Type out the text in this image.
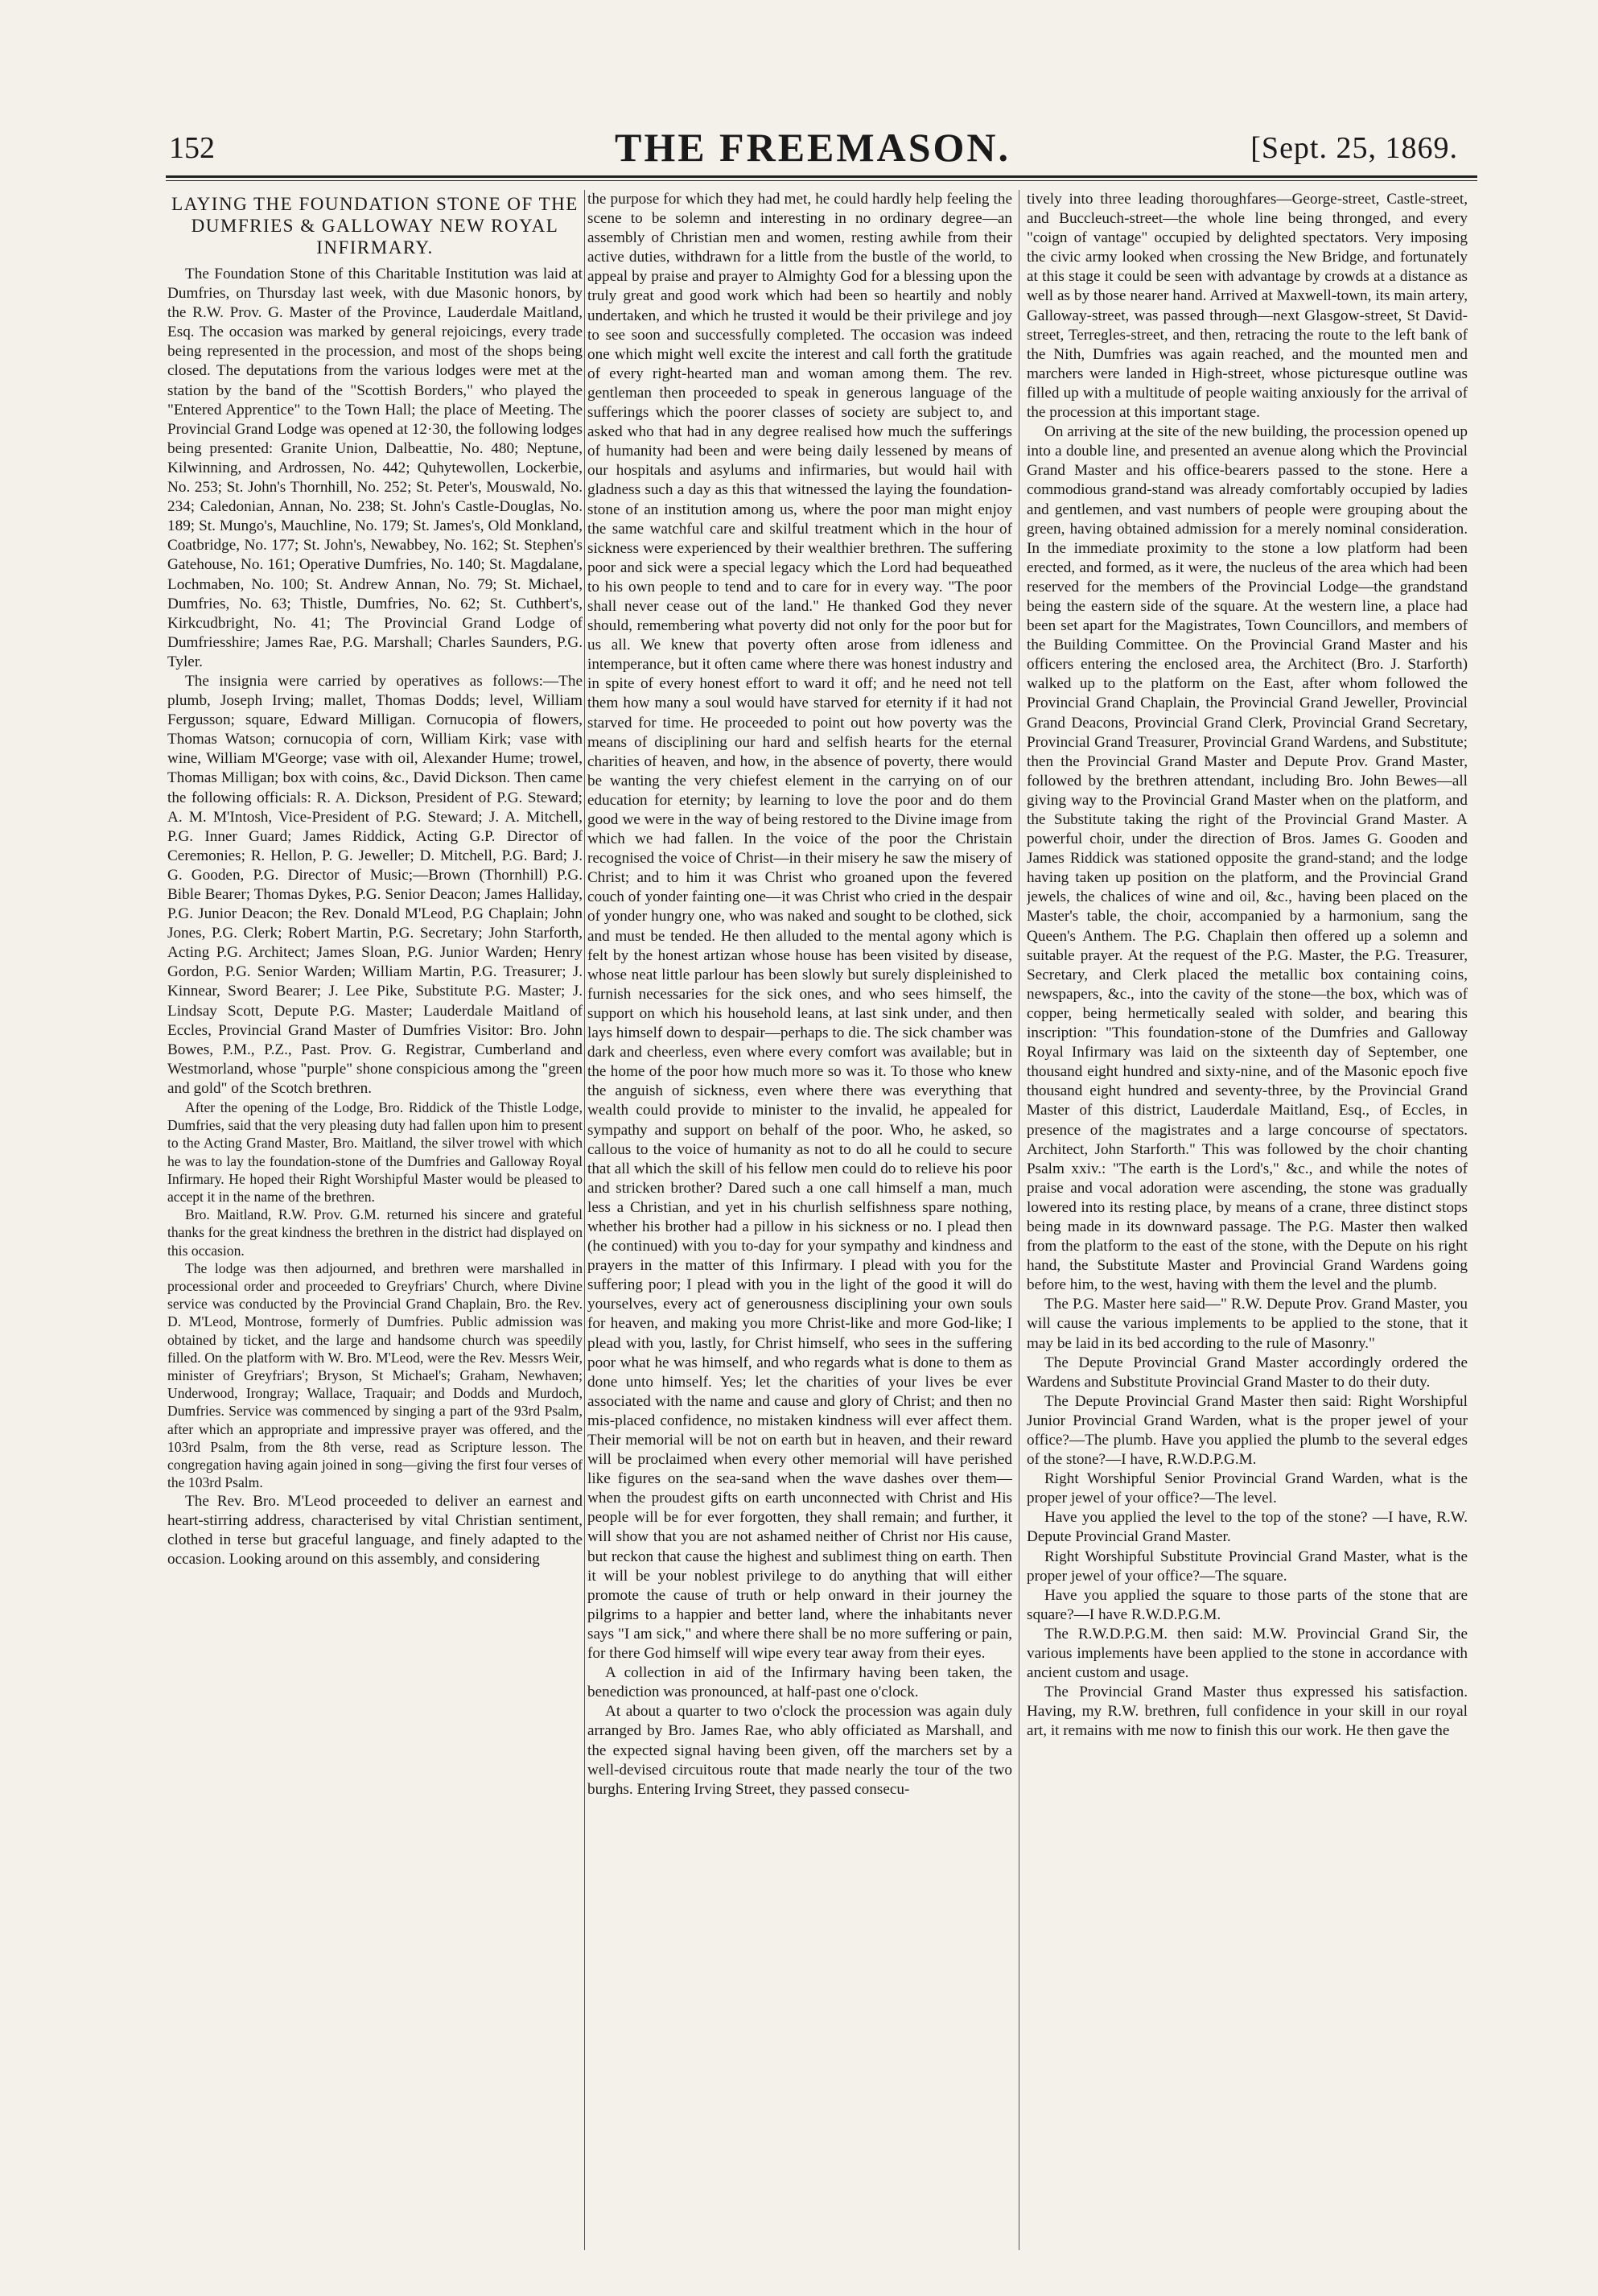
152	THE FREEMASON.	[Sept. 25, 1869.
LAYING THE FOUNDATION STONE OF THE DUMFRIES & GALLOWAY NEW ROYAL INFIRMARY.

The Foundation Stone of this Charitable Institution was laid at Dumfries, on Thursday last week, with due Masonic honors, by the R.W. Prov. G. Master of the Province, Lauderdale Maitland, Esq. The occasion was marked by general rejoicings, every trade being represented in the procession, and most of the shops being closed. The deputations from the various lodges were met at the station by the band of the "Scottish Borders," who played the "Entered Apprentice" to the Town Hall; the place of Meeting. The Provincial Grand Lodge was opened at 12·30, the following lodges being presented: Granite Union, Dalbeattie, No. 480; Neptune, Kilwinning, and Ardrossen, No. 442; Quhytewollen, Lockerbie, No. 253; St. John's Thornhill, No. 252; St. Peter's, Mouswald, No. 234; Caledonian, Annan, No. 238; St. John's Castle-Douglas, No. 189; St. Mungo's, Mauchline, No. 179; St. James's, Old Monkland, Coatbridge, No. 177; St. John's, Newabbey, No. 162; St. Stephen's Gatehouse, No. 161; Operative Dumfries, No. 140; St. Magdalane, Lochmaben, No. 100; St. Andrew Annan, No. 79; St. Michael, Dumfries, No. 63; Thistle, Dumfries, No. 62; St. Cuthbert's, Kirkcudbright, No. 41; The Provincial Grand Lodge of Dumfriesshire; James Rae, P.G. Marshall; Charles Saunders, P.G. Tyler.

The insignia were carried by operatives as follows:—The plumb, Joseph Irving; mallet, Thomas Dodds; level, William Fergusson; square, Edward Milligan. Cornucopia of flowers, Thomas Watson; cornucopia of corn, William Kirk; vase with wine, William M'George; vase with oil, Alexander Hume; trowel, Thomas Milligan; box with coins, &c., David Dickson. Then came the following officials: R. A. Dickson, President of P.G. Steward; A. M. M'Intosh, Vice-President of P.G. Steward; J. A. Mitchell, P.G. Inner Guard; James Riddick, Acting G.P. Director of Ceremonies; R. Hellon, P. G. Jeweller; D. Mitchell, P.G. Bard; J. G. Gooden, P.G. Director of Music;—Brown (Thornhill) P.G. Bible Bearer; Thomas Dykes, P.G. Senior Deacon; James Halliday, P.G. Junior Deacon; the Rev. Donald M'Leod, P.G Chaplain; John Jones, P.G. Clerk; Robert Martin, P.G. Secretary; John Starforth, Acting P.G. Architect; James Sloan, P.G. Junior Warden; Henry Gordon, P.G. Senior Warden; William Martin, P.G. Treasurer; J. Kinnear, Sword Bearer; J. Lee Pike, Substitute P.G. Master; J. Lindsay Scott, Depute P.G. Master; Lauderdale Maitland of Eccles, Provincial Grand Master of Dumfries Visitor: Bro. John Bowes, P.M., P.Z., Past. Prov. G. Registrar, Cumberland and Westmorland, whose "purple" shone conspicious among the "green and gold" of the Scotch brethren.

After the opening of the Lodge, Bro. Riddick of the Thistle Lodge, Dumfries, said that the very pleasing duty had fallen upon him to present to the Acting Grand Master, Bro. Maitland, the silver trowel with which he was to lay the foundation-stone of the Dumfries and Galloway Royal Infirmary. He hoped their Right Worshipful Master would be pleased to accept it in the name of the brethren.

Bro. Maitland, R.W. Prov. G.M. returned his sincere and grateful thanks for the great kindness the brethren in the district had displayed on this occasion.

The lodge was then adjourned, and brethren were marshalled in processional order and proceeded to Greyfriars' Church, where Divine service was conducted by the Provincial Grand Chaplain, Bro. the Rev. D. M'Leod, Montrose, formerly of Dumfries. Public admission was obtained by ticket, and the large and handsome church was speedily filled. On the platform with W. Bro. M'Leod, were the Rev. Messrs Weir, minister of Greyfriars'; Bryson, St Michael's; Graham, Newhaven; Underwood, Irongray; Wallace, Traquair; and Dodds and Murdoch, Dumfries. Service was commenced by singing a part of the 93rd Psalm, after which an appropriate and impressive prayer was offered, and the 103rd Psalm, from the 8th verse, read as Scripture lesson. The congregation having again joined in song—giving the first four verses of the 103rd Psalm.

The Rev. Bro. M'Leod proceeded to deliver an earnest and heart-stirring address, characterised by vital Christian sentiment, clothed in terse but graceful language, and finely adapted to the occasion. Looking around on this assembly, and considering

the purpose for which they had met, he could hardly help feeling the scene to be solemn and interesting in no ordinary degree—an assembly of Christian men and women, resting awhile from their active duties, withdrawn for a little from the bustle of the world, to appeal by praise and prayer to Almighty God for a blessing upon the truly great and good work which had been so heartily and nobly undertaken, and which he trusted it would be their privilege and joy to see soon and successfully completed. The occasion was indeed one which might well excite the interest and call forth the gratitude of every right-hearted man and woman among them. The rev. gentleman then proceeded to speak in generous language of the sufferings which the poorer classes of society are subject to, and asked who that had in any degree realised how much the sufferings of humanity had been and were being daily lessened by means of our hospitals and asylums and infirmaries, but would hail with gladness such a day as this that witnessed the laying the foundation-stone of an institution among us, where the poor man might enjoy the same watchful care and skilful treatment which in the hour of sickness were experienced by their wealthier brethren. The suffering poor and sick were a special legacy which the Lord had bequeathed to his own people to tend and to care for in every way. "The poor shall never cease out of the land." He thanked God they never should, remembering what poverty did not only for the poor but for us all. We knew that poverty often arose from idleness and intemperance, but it often came where there was honest industry and in spite of every honest effort to ward it off; and he need not tell them how many a soul would have starved for eternity if it had not starved for time. He proceeded to point out how poverty was the means of disciplining our hard and selfish hearts for the eternal charities of heaven, and how, in the absence of poverty, there would be wanting the very chiefest element in the carrying on of our education for eternity; by learning to love the poor and do them good we were in the way of being restored to the Divine image from which we had fallen. In the voice of the poor the Christain recognised the voice of Christ—in their misery he saw the misery of Christ; and to him it was Christ who groaned upon the fevered couch of yonder fainting one—it was Christ who cried in the despair of yonder hungry one, who was naked and sought to be clothed, sick and must be tended. He then alluded to the mental agony which is felt by the honest artizan whose house has been visited by disease, whose neat little parlour has been slowly but surely displeinished to furnish necessaries for the sick ones, and who sees himself, the support on which his household leans, at last sink under, and then lays himself down to despair—perhaps to die. The sick chamber was dark and cheerless, even where every comfort was available; but in the home of the poor how much more so was it. To those who knew the anguish of sickness, even where there was everything that wealth could provide to minister to the invalid, he appealed for sympathy and support on behalf of the poor. Who, he asked, so callous to the voice of humanity as not to do all he could to secure that all which the skill of his fellow men could do to relieve his poor and stricken brother? Dared such a one call himself a man, much less a Christian, and yet in his churlish selfishness spare nothing, whether his brother had a pillow in his sickness or no. I plead then (he continued) with you to-day for your sympathy and kindness and prayers in the matter of this Infirmary. I plead with you for the suffering poor; I plead with you in the light of the good it will do yourselves, every act of generousness disciplining your own souls for heaven, and making you more Christ-like and more God-like; I plead with you, lastly, for Christ himself, who sees in the suffering poor what he was himself, and who regards what is done to them as done unto himself. Yes; let the charities of your lives be ever associated with the name and cause and glory of Christ; and then no mis-placed confidence, no mistaken kindness will ever affect them. Their memorial will be not on earth but in heaven, and their reward will be proclaimed when every other memorial will have perished like figures on the sea-sand when the wave dashes over them—when the proudest gifts on earth unconnected with Christ and His people will be for ever forgotten, they shall remain; and further, it will show that you are not ashamed neither of Christ nor His cause, but reckon that cause the highest and sublimest thing on earth. Then it will be your noblest privilege to do anything that will either promote the cause of truth or help onward in their journey the pilgrims to a happier and better land, where the inhabitants never says "I am sick," and where there shall be no more suffering or pain, for there God himself will wipe every tear away from their eyes.

A collection in aid of the Infirmary having been taken, the benediction was pronounced, at half-past one o'clock.

At about a quarter to two o'clock the procession was again duly arranged by Bro. James Rae, who ably officiated as Marshall, and the expected signal having been given, off the marchers set by a well-devised circuitous route that made nearly the tour of the two burghs. Entering Irving Street, they passed consecu-

tively into three leading thoroughfares—George-street, Castle-street, and Buccleuch-street—the whole line being thronged, and every "coign of vantage" occupied by delighted spectators. Very imposing the civic army looked when crossing the New Bridge, and fortunately at this stage it could be seen with advantage by crowds at a distance as well as by those nearer hand. Arrived at Maxwell-town, its main artery, Galloway-street, was passed through—next Glasgow-street, St David-street, Terregles-street, and then, retracing the route to the left bank of the Nith, Dumfries was again reached, and the mounted men and marchers were landed in High-street, whose picturesque outline was filled up with a multitude of people waiting anxiously for the arrival of the procession at this important stage.

On arriving at the site of the new building, the procession opened up into a double line, and presented an avenue along which the Provincial Grand Master and his office-bearers passed to the stone. Here a commodious grand-stand was already comfortably occupied by ladies and gentlemen, and vast numbers of people were grouping about the green, having obtained admission for a merely nominal consideration. In the immediate proximity to the stone a low platform had been erected, and formed, as it were, the nucleus of the area which had been reserved for the members of the Provincial Lodge—the grandstand being the eastern side of the square. At the western line, a place had been set apart for the Magistrates, Town Councillors, and members of the Building Committee. On the Provincial Grand Master and his officers entering the enclosed area, the Architect (Bro. J. Starforth) walked up to the platform on the East, after whom followed the Provincial Grand Chaplain, the Provincial Grand Jeweller, Provincial Grand Deacons, Provincial Grand Clerk, Provincial Grand Secretary, Provincial Grand Treasurer, Provincial Grand Wardens, and Substitute; then the Provincial Grand Master and Depute Prov. Grand Master, followed by the brethren attendant, including Bro. John Bewes—all giving way to the Provincial Grand Master when on the platform, and the Substitute taking the right of the Provincial Grand Master. A powerful choir, under the direction of Bros. James G. Gooden and James Riddick was stationed opposite the grand-stand; and the lodge having taken up position on the platform, and the Provincial Grand jewels, the chalices of wine and oil, &c., having been placed on the Master's table, the choir, accompanied by a harmonium, sang the Queen's Anthem. The P.G. Chaplain then offered up a solemn and suitable prayer. At the request of the P.G. Master, the P.G. Treasurer, Secretary, and Clerk placed the metallic box containing coins, newspapers, &c., into the cavity of the stone—the box, which was of copper, being hermetically sealed with solder, and bearing this inscription: "This foundation-stone of the Dumfries and Galloway Royal Infirmary was laid on the sixteenth day of September, one thousand eight hundred and sixty-nine, and of the Masonic epoch five thousand eight hundred and seventy-three, by the Provincial Grand Master of this district, Lauderdale Maitland, Esq., of Eccles, in presence of the magistrates and a large concourse of spectators. Architect, John Starforth." This was followed by the choir chanting Psalm xxiv.: "The earth is the Lord's," &c., and while the notes of praise and vocal adoration were ascending, the stone was gradually lowered into its resting place, by means of a crane, three distinct stops being made in its downward passage. The P.G. Master then walked from the platform to the east of the stone, with the Depute on his right hand, the Substitute Master and Provincial Grand Wardens going before him, to the west, having with them the level and the plumb.

The P.G. Master here said—" R.W. Depute Prov. Grand Master, you will cause the various implements to be applied to the stone, that it may be laid in its bed according to the rule of Masonry."

The Depute Provincial Grand Master accordingly ordered the Wardens and Substitute Provincial Grand Master to do their duty.

The Depute Provincial Grand Master then said: Right Worshipful Junior Provincial Grand Warden, what is the proper jewel of your office?—The plumb. Have you applied the plumb to the several edges of the stone?—I have, R.W.D.P.G.M.

Right Worshipful Senior Provincial Grand Warden, what is the proper jewel of your office?—The level.

Have you applied the level to the top of the stone? —I have, R.W. Depute Provincial Grand Master.

Right Worshipful Substitute Provincial Grand Master, what is the proper jewel of your office?—The square.

Have you applied the square to those parts of the stone that are square?—I have R.W.D.P.G.M.

The R.W.D.P.G.M. then said: M.W. Provincial Grand Sir, the various implements have been applied to the stone in accordance with ancient custom and usage.

The Provincial Grand Master thus expressed his satisfaction. Having, my R.W. brethren, full confidence in your skill in our royal art, it remains with me now to finish this our work. He then gave the
